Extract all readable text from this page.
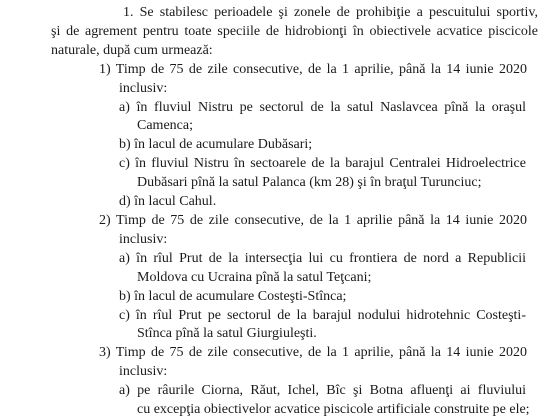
1. Se stabilesc perioadele şi zonele de prohibiţie a pescuitului sportiv,
şi de agrement pentru toate speciile de hidrobionţi în obiectivele acvatice piscicole
naturale, după cum urmează:
1) Timp de 75 de zile consecutive, de la 1 aprilie, până la 14 iunie 2020
inclusiv:
a) în fluviul Nistru pe sectorul de la satul Naslavcea pînă la oraşul
Camenca;
b) în lacul de acumulare Dubăsari;
c) în fluviul Nistru în sectoarele de la barajul Centralei Hidroelectrice
Dubăsari pînă la satul Palanca (km 28) şi în braţul Turunciuc;
d) în lacul Cahul.
2) Timp de 75 de zile consecutive, de la 1 aprilie până la 14 iunie 2020
inclusiv:
a) în rîul Prut de la intersecţia lui cu frontiera de nord a Republicii
Moldova cu Ucraina pînă la satul Teţcani;
b) în lacul de acumulare Costeşti-Stînca;
c) în rîul Prut pe sectorul de la barajul nodului hidrotehnic Costeşti-
Stînca pînă la satul Giurgiuleşti.
3) Timp de 75 de zile consecutive, de la 1 aprilie, până la 14 iunie 2020
inclusiv:
a) pe râurile Ciorna, Răut, Ichel, Bîc şi Botna afluenţi ai fluviului
cu excepţia obiectivelor acvatice piscicole artificiale construite pe ele;
